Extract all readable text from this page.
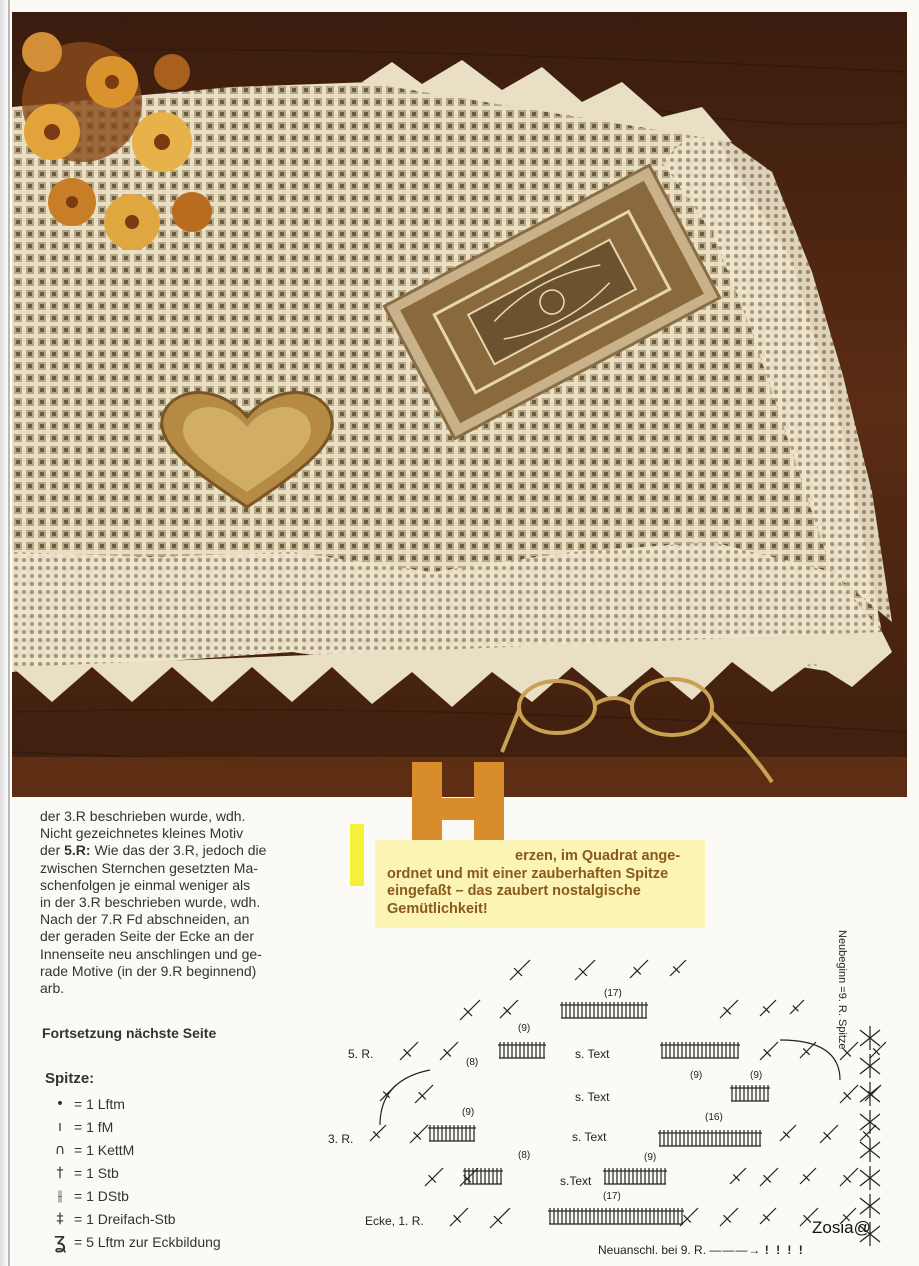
H
erzen, im Quadrat ange-
ordnet und mit einer zauberhaften Spitze
eingefaßt – das zaubert nostalgische
Gemütlichkeit!
der 3.R beschrieben wurde, wdh.
Nicht gezeichnetes kleines Motiv
der 5.R: Wie das der 3.R, jedoch die
zwischen Sternchen gesetzten Ma-
schenfolgen je einmal weniger als
in der 3.R beschrieben wurde, wdh.
Nach der 7.R Fd abschneiden, an
der geraden Seite der Ecke an der
Innenseite neu anschlingen und ge-
rade Motive (in der 9.R beginnend)
arb.
Fortsetzung nächste Seite
Spitze:
• = 1 Lftm
ı = 1 fM
∩ = 1 KettM
† = 1 Stb
⫲ = 1 DStb
‡ = 1 Dreifach-Stb
ʓ = 5 Lftm zur Eckbildung
5. R.
3. R.
Ecke, 1. R.
s. Text
s. Text
s. Text
s.Text
(17)
(9)
(8)
(9)	(9)
(9)	(16)
(8)	(9)
(17)
Neubeginn =9. R. Spitze
Neuanschl. bei 9. R. ———→ ! ! ! !
Zosia@
